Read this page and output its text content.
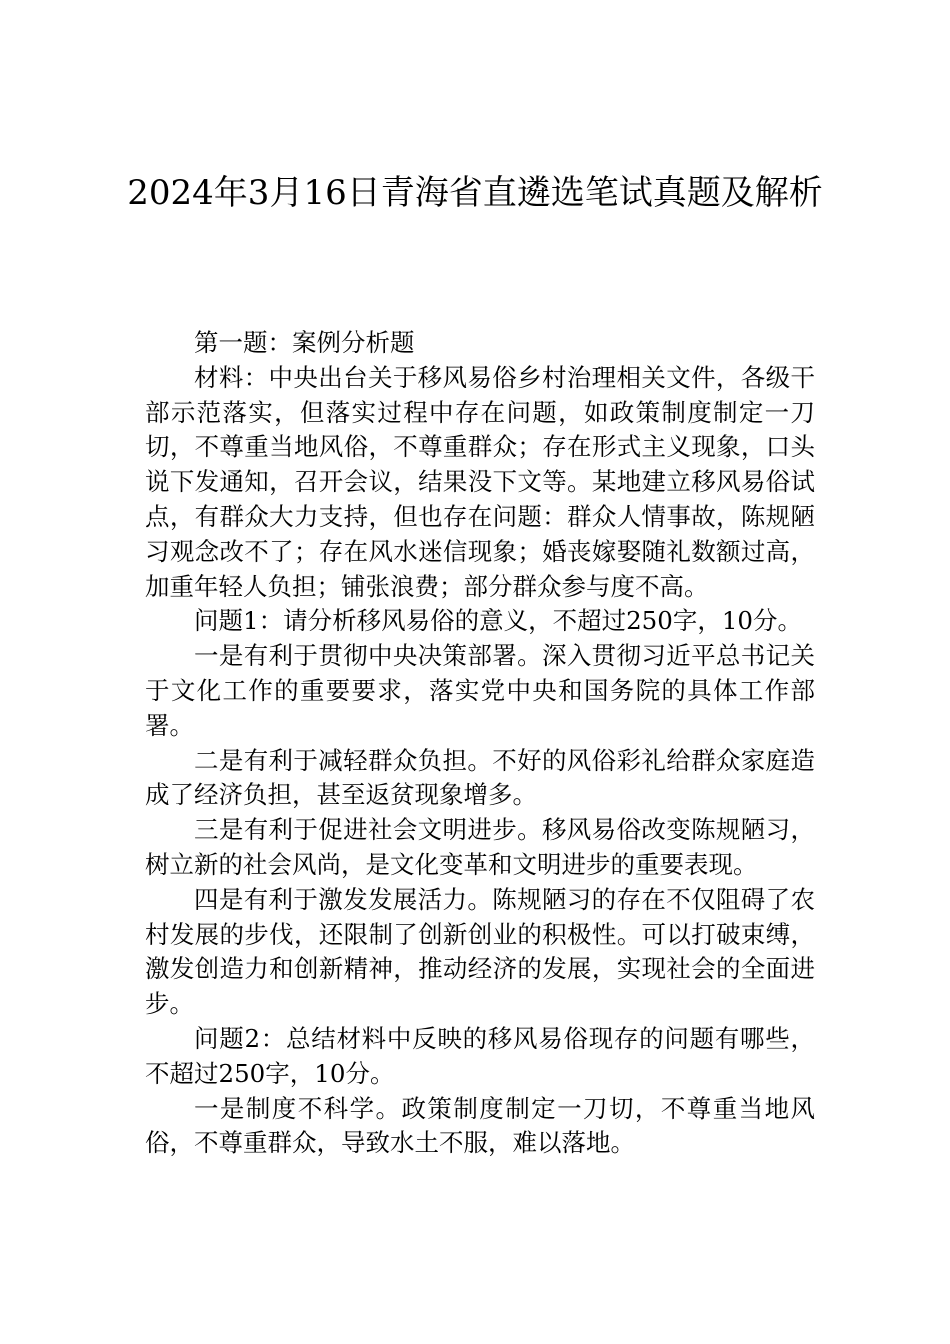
2024年3月16日青海省直遴选笔试真题及解析

第一题：案例分析题

材料：中央出台关于移风易俗乡村治理相关文件，各级干部示范落实，但落实过程中存在问题，如政策制度制定一刀切，不尊重当地风俗，不尊重群众；存在形式主义现象，口头说下发通知，召开会议，结果没下文等。某地建立移风易俗试点，有群众大力支持，但也存在问题：群众人情事故，陈规陋习观念改不了；存在风水迷信现象；婚丧嫁娶随礼数额过高，加重年轻人负担；铺张浪费；部分群众参与度不高。

问题1：请分析移风易俗的意义，不超过250字，10分。

一是有利于贯彻中央决策部署。深入贯彻习近平总书记关于文化工作的重要要求，落实党中央和国务院的具体工作部署。

二是有利于减轻群众负担。不好的风俗彩礼给群众家庭造成了经济负担，甚至返贫现象增多。

三是有利于促进社会文明进步。移风易俗改变陈规陋习，树立新的社会风尚，是文化变革和文明进步的重要表现。

四是有利于激发发展活力。陈规陋习的存在不仅阻碍了农村发展的步伐，还限制了创新创业的积极性。可以打破束缚，激发创造力和创新精神，推动经济的发展，实现社会的全面进步。

问题2：总结材料中反映的移风易俗现存的问题有哪些，不超过250字，10分。

一是制度不科学。政策制度制定一刀切，不尊重当地风俗，不尊重群众，导致水土不服，难以落地。
